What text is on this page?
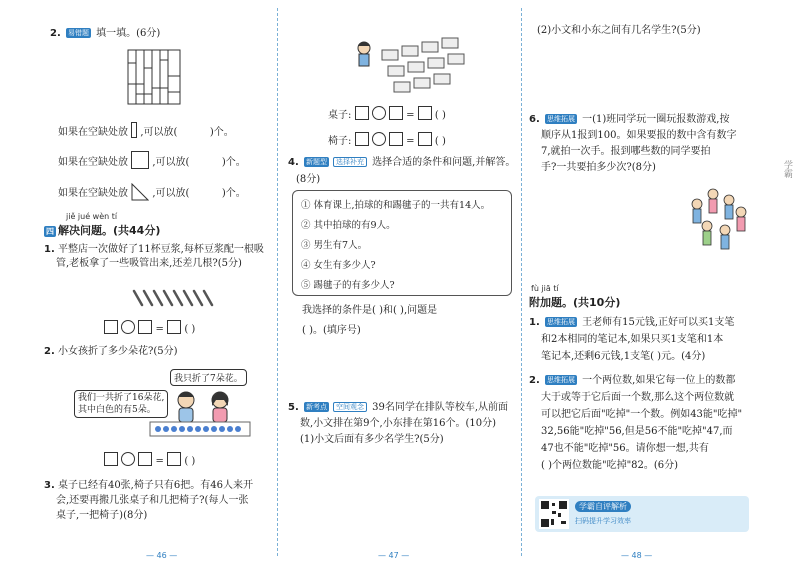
2. 易错题 填一填。(6分)
如果在空缺处放 ,可以放(	)个。
如果在空缺处放 ,可以放(	)个。
如果在空缺处放 ,可以放(	)个。
jiě jué wèn tí
四 解决问题。(共44分)
1. 平整店一次做好了11杯豆浆,每杯豆浆配一根吸
管,老板拿了一些吸管出来,还差几根?(5分)
=  ( )
2. 小女孩折了多少朵花?(5分)
我只折了7朵花。
我们一共折了16朵花,
其中白色的有5朵。
=  ( )
3. 桌子已经有40张,椅子只有6把。有46人来开
会,还要再搬几张桌子和几把椅子?(每人一张
桌子,一把椅子)(8分)
— 46 —
桌子:	=  ( )
椅子:	=  ( )
4. 新题型 选择补充 选择合适的条件和问题,并解答。
(8分)
① 体育课上,拍球的和踢毽子的一共有14人。
② 其中拍球的有9人。
③ 男生有7人。
④ 女生有多少人?
⑤ 踢毽子的有多少人?
我选择的条件是( )和( ),问题是
( )。(填序号)
5. 新考点 空间观念 39名同学在排队等校车,从前面
数,小文排在第9个,小东排在第16个。(10分)
(1)小文后面有多少名学生?(5分)
— 47 —
(2)小文和小东之间有几名学生?(5分)
6. 思维拓展 一(1)班同学玩一圈玩报数游戏,按
顺序从1报到100。如果要报的数中含有数字
7,就拍一次手。报到哪些数的同学要拍
手?一共要拍多少次?(8分)
fù jiā tí
附加题。(共10分)
1. 思维拓展 王老师有15元钱,正好可以买1支笔
和2本相同的笔记本,如果只买1支笔和1本
笔记本,还剩6元钱,1支笔( )元。(4分)
2. 思维拓展 一个两位数,如果它每一位上的数都
大于或等于它后面一个数,那么这个两位数就
可以把它后面"吃掉"一个数。例如43能"吃掉"
32,56能"吃掉"56,但是56不能"吃掉"47,而
47也不能"吃掉"56。请你想一想,共有
( )个两位数能"吃掉"82。(6分)
学霸自评解析
扫码提升学习效率
学霸
— 48 —
